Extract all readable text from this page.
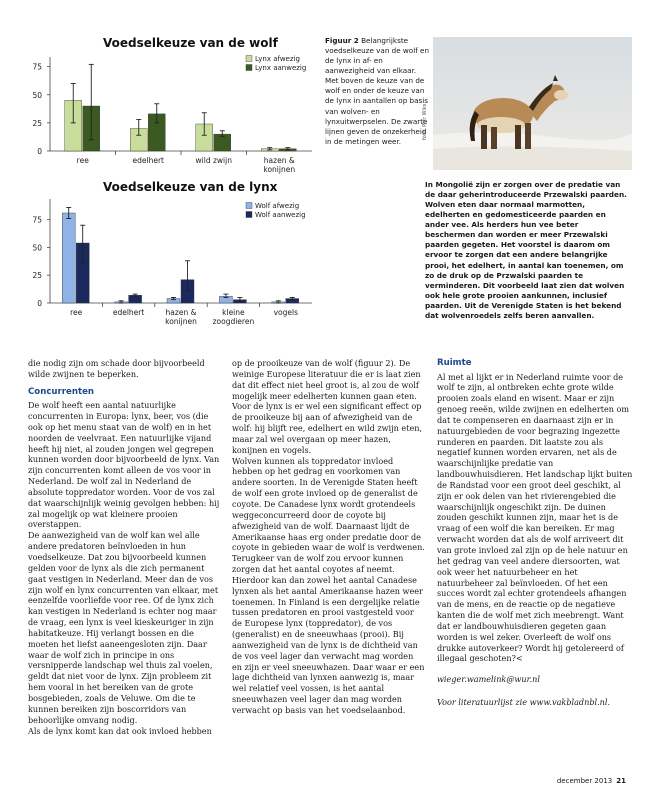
Voedselkeuze van de wolf
0
25
50
75
ree	edelhert	wild zwijn	hazen &
konijnen
Lynx afwezig
Lynx aanwezig
Voedselkeuze van de lynx
0
25
50
75
ree	edelhert	hazen &
konijnen
kleine
zoogdieren
vogels
Wolf afwezig
Wolf aanwezig
Figuur 2 Belangrijkste voedselkeuze van de wolf en de lynx in af- en aanwezigheid van elkaar. Met boven de keuze van de wolf en onder de keuze van de lynx in aantallen op basis van wolven- en lynxuitwerpselen. De zwarte lijnen geven de onzekerheid in de metingen weer.
foto: Petr Wiks
In Mongolië zijn er zorgen over de predatie van de daar geherintroduceerde Przewalski paarden. Wolven eten daar normaal marmotten, edelherten en gedomesticeerde paarden en ander vee. Als herders hun vee beter beschermen dan worden er meer Przewalski paarden gegeten. Het voorstel is daarom om ervoor te zorgen dat een andere belangrijke prooi, het edelhert, in aantal kan toenemen, om zo de druk op de Przwalski paarden te verminderen. Dit voorbeeld laat zien dat wolven ook hele grote prooien aankunnen, inclusief paarden. Uit de Verenigde Staten is het bekend dat wolvenroedels zelfs beren aanvallen.

die nodig zijn om schade door bijvoorbeeld wilde zwijnen te beperken.

Concurrenten

De wolf heeft een aantal natuurlijke concurrenten in Europa: lynx, beer, vos (die ook op het menu staat van de wolf) en in het noorden de veelvraat. Een natuurlijke vijand heeft hij niet, al zouden jongen wel gegrepen kunnen worden door bijvoorbeeld de lynx. Van zijn concurrenten komt alleen de vos voor in Nederland. De wolf zal in Nederland de absolute toppredator worden. Voor de vos zal dat waarschijnlijk weinig gevolgen hebben: hij zal mogelijk op wat kleinere prooien overstappen.

De aanwezigheid van de wolf kan wel alle andere predatoren beïnvloeden in hun voedselkeuze. Dat zou bijvoorbeeld kunnen gelden voor de lynx als die zich permanent gaat vestigen in Nederland. Meer dan de vos zijn wolf en lynx concurrenten van elkaar, met eenzelfde voorliefde voor ree. Of de lynx zich kan vestigen in Nederland is echter nog maar de vraag, een lynx is veel kieskeuriger in zijn habitatkeuze. Hij verlangt bossen en die moeten het liefst aaneengesloten zijn. Daar waar de wolf zich in principe in ons versnipperde landschap wel thuis zal voelen, geldt dat niet voor de lynx. Zijn probleem zit hem vooral in het bereiken van de grote bosgebieden, zoals de Veluwe. Om die te kunnen bereiken zijn boscorridors van behoorlijke omvang nodig.

Als de lynx komt kan dat ook invloed hebben

op de prooikeuze van de wolf (figuur 2). De weinige Europese literatuur die er is laat zien dat dit effect niet heel groot is, al zou de wolf mogelijk meer edelherten kunnen gaan eten. Voor de lynx is er wel een significant effect op de prooikeuze bij aan of afwezigheid van de wolf: hij blijft ree, edelhert en wild zwijn eten, maar zal wel overgaan op meer hazen, konijnen en vogels.

Wolven kunnen als toppredator invloed hebben op het gedrag en voorkomen van andere soorten. In de Verenigde Staten heeft de wolf een grote invloed op de generalist de coyote. De Canadese lynx wordt grotendeels weggeconcurreerd door de coyote bij afwezigheid van de wolf. Daarnaast lijdt de Amerikaanse haas erg onder predatie door de coyote in gebieden waar de wolf is verdwenen. Terugkeer van de wolf zou ervoor kunnen zorgen dat het aantal coyotes af neemt. Hierdoor kan dan zowel het aantal Canadese lynxen als het aantal Amerikaanse hazen weer toenemen. In Finland is een dergelijke relatie tussen predatoren en prooi vastgesteld voor de Europese lynx (toppredator), de vos (generalist) en de sneeuwhaas (prooi). Bij aanwezigheid van de lynx is de dichtheid van de vos veel lager dan verwacht mag worden en zijn er veel sneeuwhazen. Daar waar er een lage dichtheid van lynxen aanwezig is, maar wel relatief veel vossen, is het aantal sneeuwhazen veel lager dan mag worden verwacht op basis van het voedselaanbod.

Ruimte

Al met al lijkt er in Nederland ruimte voor de wolf te zijn, al ontbreken echte grote wilde prooien zoals eland en wisent. Maar er zijn genoeg reeën, wilde zwijnen en edelherten om dat te compenseren en daarnaast zijn er in natuurgebieden de voor begrazing ingezette runderen en paarden. Dit laatste zou als negatief kunnen worden ervaren, net als de waarschijnlijke predatie van landbouwhuisdieren. Het landschap lijkt buiten de Randstad voor een groot deel geschikt, al zijn er ook delen van het rivierengebied die waarschijnlijk ongeschikt zijn. De duinen zouden geschikt kunnen zijn, maar het is de vraag of een wolf die kan bereiken. Er mag verwacht worden dat als de wolf arriveert dit van grote invloed zal zijn op de hele natuur en het gedrag van veel andere diersoorten, wat ook weer het natuurbeheer en het natuurbeheer zal beïnvloeden. Of het een succes wordt zal echter grotendeels afhangen van de mens, en de reactie op de negatieve kanten die de wolf met zich meebrengt. Want dat er landbouwhuisdieren gegeten gaan worden is wel zeker. Overleeft de wolf ons drukke autoverkeer? Wordt hij getolereerd of illegaal geschoten?<

wieger.wamelink@wur.nl

Voor literatuurlijst zie www.vakbladnbl.nl.

december 2013 21
